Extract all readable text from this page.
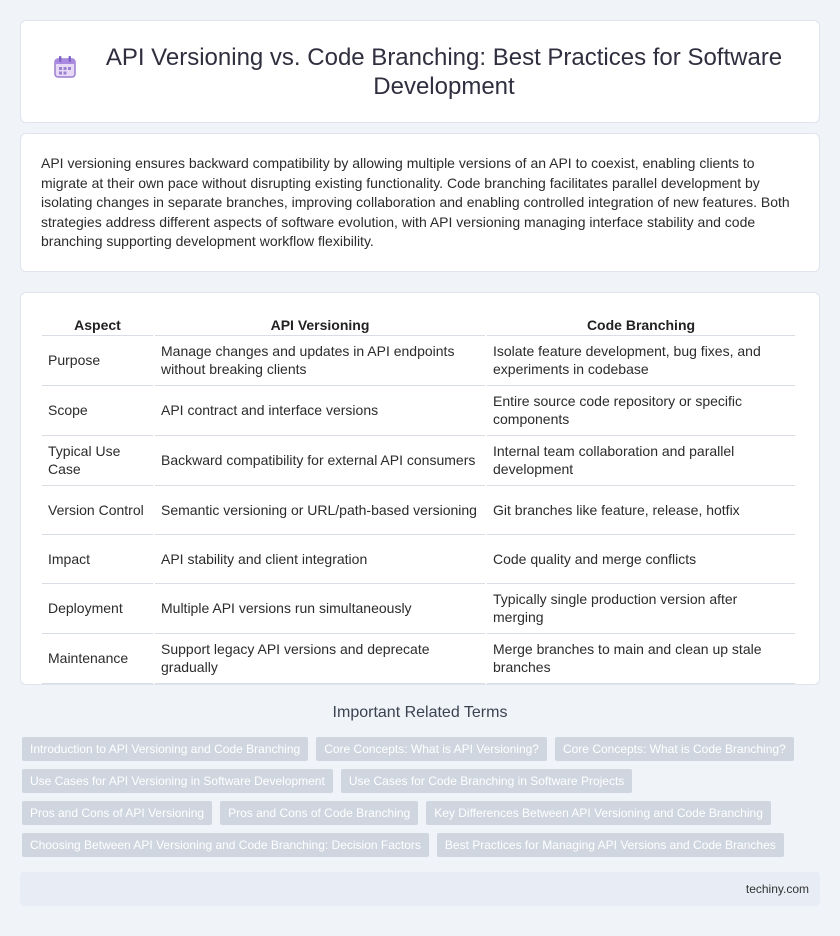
API Versioning vs. Code Branching: Best Practices for Software Development

API versioning ensures backward compatibility by allowing multiple versions of an API to coexist, enabling clients to migrate at their own pace without disrupting existing functionality. Code branching facilitates parallel development by isolating changes in separate branches, improving collaboration and enabling controlled integration of new features. Both strategies address different aspects of software evolution, with API versioning managing interface stability and code branching supporting development workflow flexibility.

Aspect	API Versioning	Code Branching
Purpose	Manage changes and updates in API endpoints without breaking clients	Isolate feature development, bug fixes, and experiments in codebase
Scope	API contract and interface versions	Entire source code repository or specific components
Typical Use Case	Backward compatibility for external API consumers	Internal team collaboration and parallel development
Version Control	Semantic versioning or URL/path-based versioning	Git branches like feature, release, hotfix
Impact	API stability and client integration	Code quality and merge conflicts
Deployment	Multiple API versions run simultaneously	Typically single production version after merging
Maintenance	Support legacy API versions and deprecate gradually	Merge branches to main and clean up stale branches
Important Related Terms
Introduction to API Versioning and Code Branching	Core Concepts: What is API Versioning?	Core Concepts: What is Code Branching?
Use Cases for API Versioning in Software Development	Use Cases for Code Branching in Software Projects
Pros and Cons of API Versioning	Pros and Cons of Code Branching	Key Differences Between API Versioning and Code Branching
Choosing Between API Versioning and Code Branching: Decision Factors	Best Practices for Managing API Versions and Code Branches
techiny.com
